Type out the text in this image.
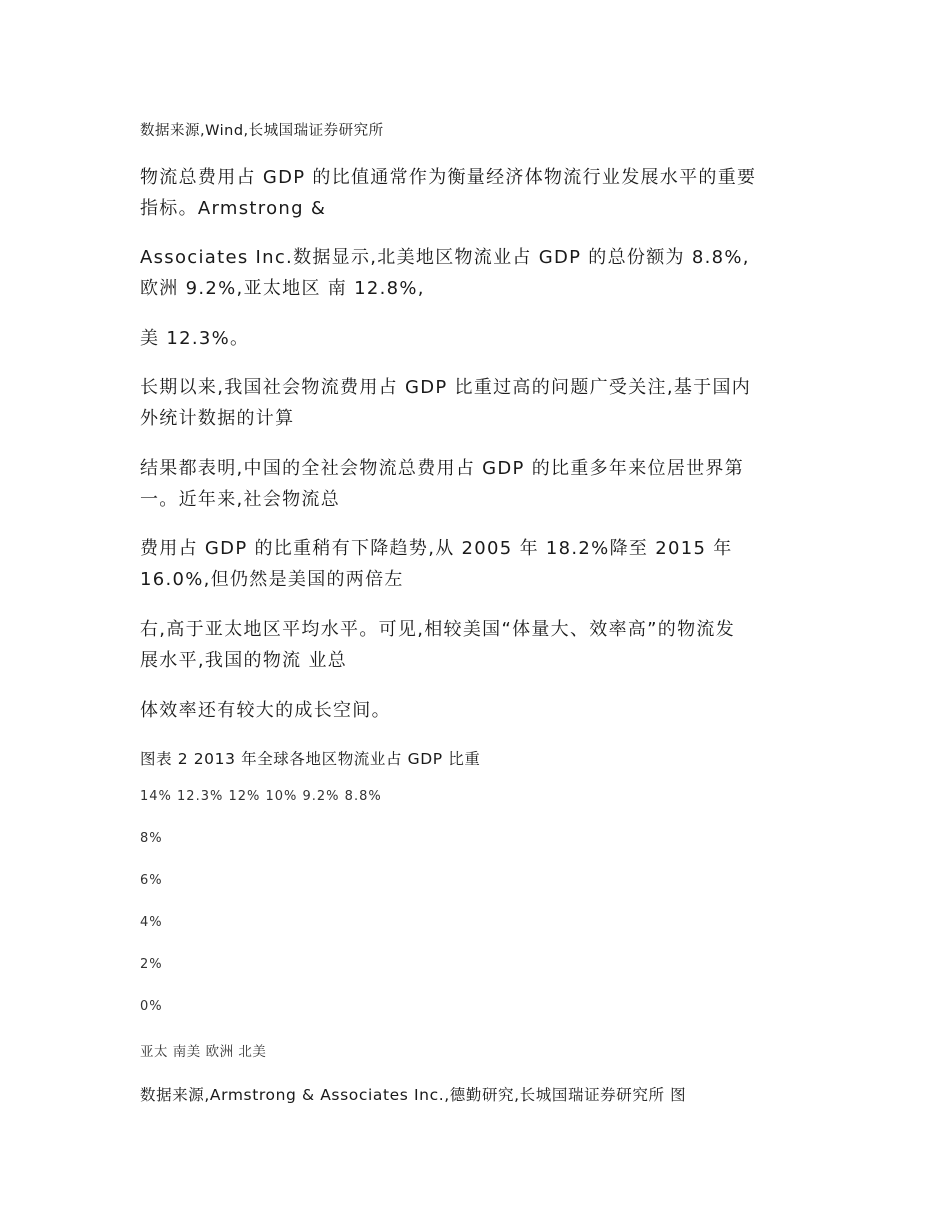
数据来源,Wind,长城国瑞证券研究所
物流总费用占 GDP 的比值通常作为衡量经济体物流行业发展水平的重要
指标。Armstrong &
Associates Inc.数据显示,北美地区物流业占 GDP 的总份额为 8.8%,
欧洲 9.2%,亚太地区 南 12.8%,
美 12.3%。
长期以来,我国社会物流费用占 GDP 比重过高的问题广受关注,基于国内
外统计数据的计算
结果都表明,中国的全社会物流总费用占 GDP 的比重多年来位居世界第
一。近年来,社会物流总
费用占 GDP 的比重稍有下降趋势,从 2005 年 18.2%降至 2015 年
16.0%,但仍然是美国的两倍左
右,高于亚太地区平均水平。可见,相较美国“体量大、效率高”的物流发
展水平,我国的物流 业总
体效率还有较大的成长空间。
图表 2 2013 年全球各地区物流业占 GDP 比重
14% 12.3% 12% 10% 9.2% 8.8%
8%
6%
4%
2%
0%
亚太 南美 欧洲 北美
数据来源,Armstrong & Associates Inc.,德勤研究,长城国瑞证券研究所 图
